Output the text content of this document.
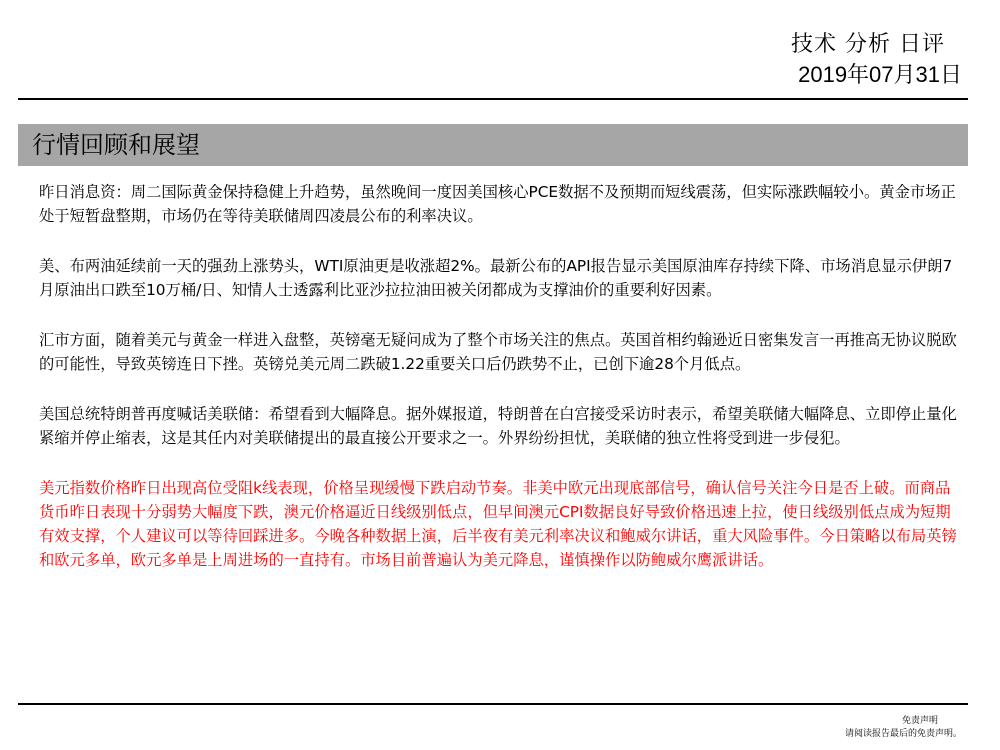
技术 分析 日评
2019年07月31日
行情回顾和展望

昨日消息资：周二国际黄金保持稳健上升趋势，虽然晚间一度因美国核心PCE数据不及预期而短线震荡，但实际涨跌幅较小。黄金市场正处于短暂盘整期，市场仍在等待美联储周四凌晨公布的利率决议。

美、布两油延续前一天的强劲上涨势头，WTI原油更是收涨超2%。最新公布的API报告显示美国原油库存持续下降、市场消息显示伊朗7月原油出口跌至10万桶/日、知情人士透露利比亚沙拉拉油田被关闭都成为支撑油价的重要利好因素。

汇市方面，随着美元与黄金一样进入盘整，英镑毫无疑问成为了整个市场关注的焦点。英国首相约翰逊近日密集发言一再推高无协议脱欧的可能性，导致英镑连日下挫。英镑兑美元周二跌破1.22重要关口后仍跌势不止，已创下逾28个月低点。

美国总统特朗普再度喊话美联储：希望看到大幅降息。据外媒报道，特朗普在白宫接受采访时表示，希望美联储大幅降息、立即停止量化紧缩并停止缩表，这是其任内对美联储提出的最直接公开要求之一。外界纷纷担忧，美联储的独立性将受到进一步侵犯。

美元指数价格昨日出现高位受阻k线表现，价格呈现缓慢下跌启动节奏。非美中欧元出现底部信号，确认信号关注今日是否上破。而商品货币昨日表现十分弱势大幅度下跌，澳元价格逼近日线级别低点，但早间澳元CPI数据良好导致价格迅速上拉，使日线级别低点成为短期有效支撑，个人建议可以等待回踩进多。今晚各种数据上演，后半夜有美元利率决议和鲍威尔讲话，重大风险事件。今日策略以布局英镑和欧元多单，欧元多单是上周进场的一直持有。市场目前普遍认为美元降息，谨慎操作以防鲍威尔鹰派讲话。

免责声明
请阅读报告最后的免责声明。
